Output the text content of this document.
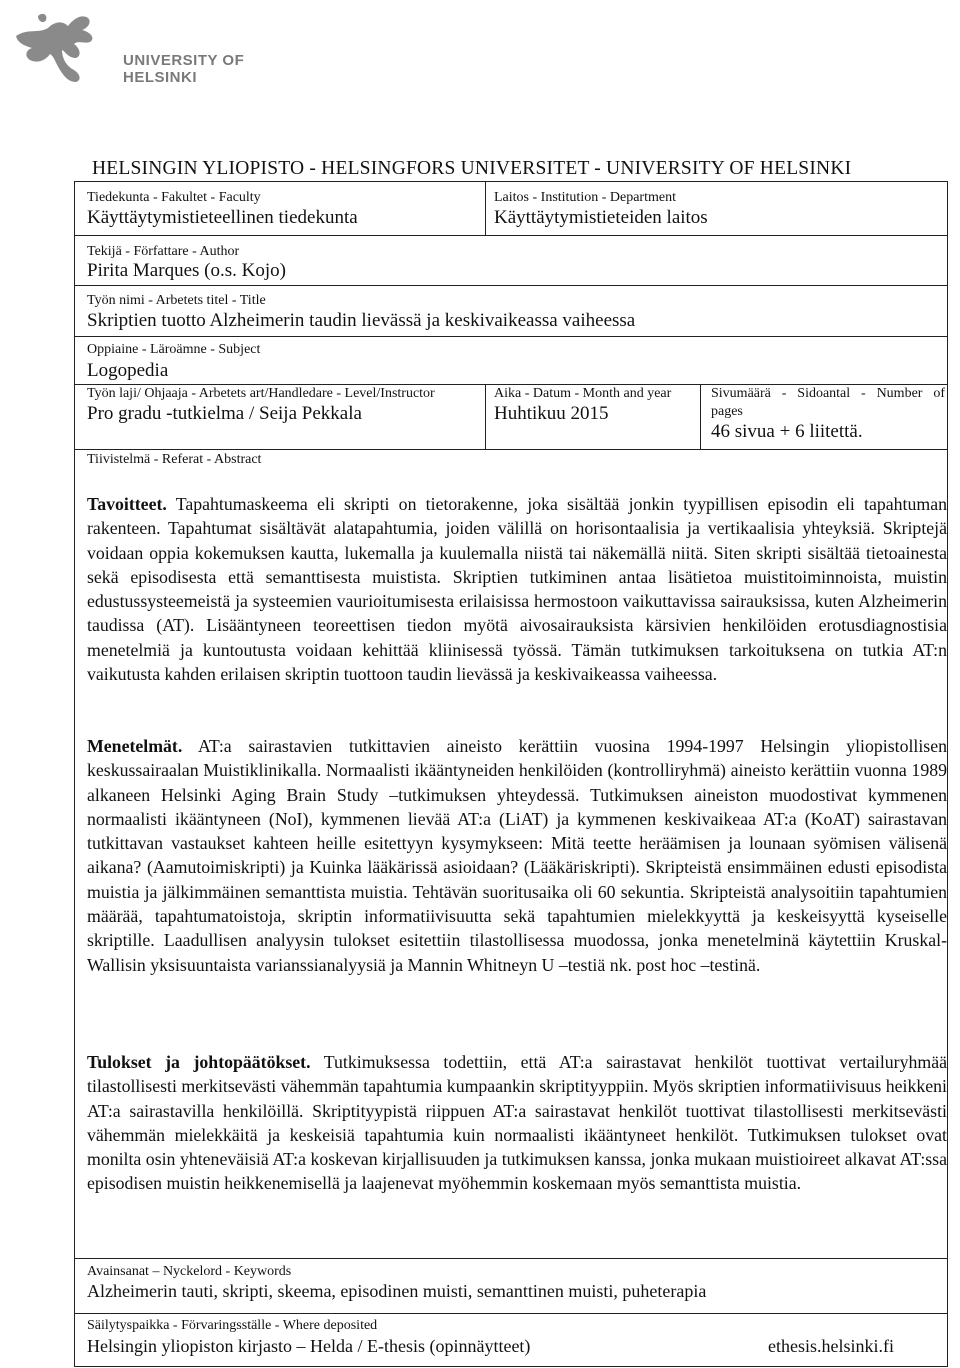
UNIVERSITY OF HELSINKI
HELSINGIN YLIOPISTO - HELSINGFORS UNIVERSITET - UNIVERSITY OF HELSINKI
Tiedekunta - Fakultet - Faculty
Käyttäytymistieteellinen tiedekunta
Laitos - Institution - Department
Käyttäytymistieteiden laitos
Tekijä - Författare - Author
Pirita Marques (o.s. Kojo)
Työn nimi - Arbetets titel - Title
Skriptien tuotto Alzheimerin taudin lievässä ja keskivaikeassa vaiheessa
Oppiaine - Läroämne - Subject
Logopedia
Työn laji/ Ohjaaja - Arbetets art/Handledare - Level/Instructor
Pro gradu -tutkielma / Seija Pekkala
Aika - Datum - Month and year
Huhtikuu 2015
Sivumäärä - Sidoantal - Number of
pages
46 sivua + 6 liitettä.
Tiivistelmä - Referat - Abstract
Tavoitteet. Tapahtumaskeema eli skripti on tietorakenne, joka sisältää jonkin tyypillisen episodin eli tapahtuman rakenteen. Tapahtumat sisältävät alatapahtumia, joiden välillä on horisontaalisia ja vertikaalisia yhteyksiä. Skriptejä voidaan oppia kokemuksen kautta, lukemalla ja kuulemalla niistä tai näkemällä niitä. Siten skripti sisältää tietoainesta sekä episodisesta että semanttisesta muistista. Skriptien tutkiminen antaa lisätietoa muistitoiminnoista, muistin edustussysteemeistä ja systeemien vaurioitumisesta erilaisissa hermostoon vaikuttavissa sairauksissa, kuten Alzheimerin taudissa (AT). Lisääntyneen teoreettisen tiedon myötä aivosairauksista kärsivien henkilöiden erotusdiagnostisia menetelmiä ja kuntoutusta voidaan kehittää kliinisessä työssä. Tämän tutkimuksen tarkoituksena on tutkia AT:n vaikutusta kahden erilaisen skriptin tuottoon taudin lievässä ja keskivaikeassa vaiheessa.
Menetelmät. AT:a sairastavien tutkittavien aineisto kerättiin vuosina 1994-1997 Helsingin yliopistollisen keskussairaalan Muistiklinikalla. Normaalisti ikääntyneiden henkilöiden (kontrolliryhmä) aineisto kerättiin vuonna 1989 alkaneen Helsinki Aging Brain Study –tutkimuksen yhteydessä. Tutkimuksen aineiston muodostivat kymmenen normaalisti ikääntyneen (NoI), kymmenen lievää AT:a (LiAT) ja kymmenen keskivaikeaa AT:a (KoAT) sairastavan tutkittavan vastaukset kahteen heille esitettyyn kysymykseen: Mitä teette heräämisen ja lounaan syömisen välisenä aikana? (Aamutoimiskripti) ja Kuinka lääkärissä asioidaan? (Lääkäriskripti). Skripteistä ensimmäinen edusti episodista muistia ja jälkimmäinen semanttista muistia. Tehtävän suoritusaika oli 60 sekuntia. Skripteistä analysoitiin tapahtumien määrää, tapahtumatoistoja, skriptin informatiivisuutta sekä tapahtumien mielekkyyttä ja keskeisyyttä kyseiselle skriptille. Laadullisen analyysin tulokset esitettiin tilastollisessa muodossa, jonka menetelminä käytettiin Kruskal-Wallisin yksisuuntaista varianssianalyysiä ja Mannin Whitneyn U –testiä nk. post hoc –testinä.
Tulokset ja johtopäätökset. Tutkimuksessa todettiin, että AT:a sairastavat henkilöt tuottivat vertailuryhmää tilastollisesti merkitsevästi vähemmän tapahtumia kumpaankin skriptityyppiin. Myös skriptien informatiivisuus heikkeni AT:a sairastavilla henkilöillä. Skriptityypistä riippuen AT:a sairastavat henkilöt tuottivat tilastollisesti merkitsevästi vähemmän mielekkäitä ja keskeisiä tapahtumia kuin normaalisti ikääntyneet henkilöt. Tutkimuksen tulokset ovat monilta osin yhteneväisiä AT:a koskevan kirjallisuuden ja tutkimuksen kanssa, jonka mukaan muistioireet alkavat AT:ssa episodisen muistin heikkenemisellä ja laajenevat myöhemmin koskemaan myös semanttista muistia.
Avainsanat – Nyckelord - Keywords
Alzheimerin tauti, skripti, skeema, episodinen muisti, semanttinen muisti, puheterapia
Säilytyspaikka - Förvaringsställe - Where deposited
Helsingin yliopiston kirjasto – Helda / E-thesis (opinnäytteet)	ethesis.helsinki.fi
